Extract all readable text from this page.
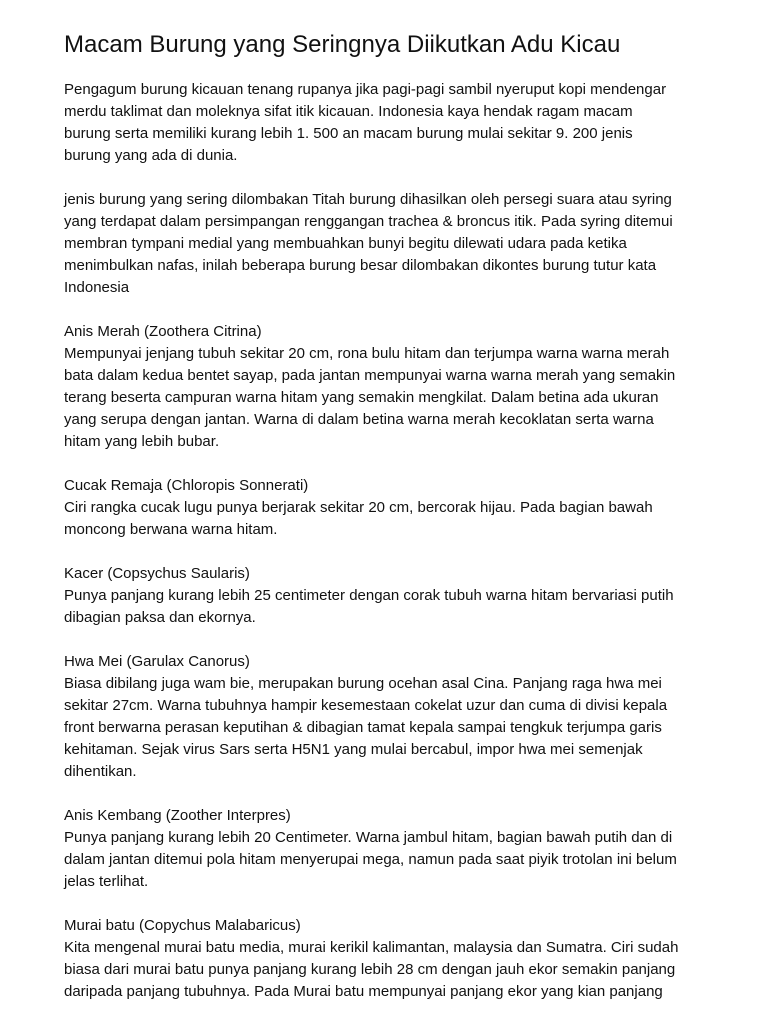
Macam Burung yang Seringnya Diikutkan Adu Kicau

Pengagum burung kicauan tenang rupanya jika pagi-pagi sambil nyeruput kopi mendengar
merdu taklimat dan moleknya sifat itik kicauan. Indonesia kaya hendak ragam macam
burung serta memiliki kurang lebih 1. 500 an macam burung mulai sekitar 9. 200 jenis
burung yang ada di dunia.

jenis burung yang sering dilombakan Titah burung dihasilkan oleh persegi suara atau syring
yang terdapat dalam persimpangan renggangan trachea & broncus itik. Pada syring ditemui
membran tympani medial yang membuahkan bunyi begitu dilewati udara pada ketika
menimbulkan nafas, inilah beberapa burung besar dilombakan dikontes burung tutur kata
Indonesia

Anis Merah (Zoothera Citrina)
Mempunyai jenjang tubuh sekitar 20 cm, rona bulu hitam dan terjumpa warna warna merah
bata dalam kedua bentet sayap, pada jantan mempunyai warna warna merah yang semakin
terang beserta campuran warna hitam yang semakin mengkilat. Dalam betina ada ukuran
yang serupa dengan jantan. Warna di dalam betina warna merah kecoklatan serta warna
hitam yang lebih bubar.

Cucak Remaja (Chloropis Sonnerati)
Ciri rangka cucak lugu punya berjarak sekitar 20 cm, bercorak hijau. Pada bagian bawah
moncong berwana warna hitam.

Kacer (Copsychus Saularis)
Punya panjang kurang lebih 25 centimeter dengan corak tubuh warna hitam bervariasi putih
dibagian paksa dan ekornya.

Hwa Mei (Garulax Canorus)
Biasa dibilang juga wam bie, merupakan burung ocehan asal Cina. Panjang raga hwa mei
sekitar 27cm. Warna tubuhnya hampir kesemestaan cokelat uzur dan cuma di divisi kepala
front berwarna perasan keputihan & dibagian tamat kepala sampai tengkuk terjumpa garis
kehitaman. Sejak virus Sars serta H5N1 yang mulai bercabul, impor hwa mei semenjak
dihentikan.

Anis Kembang (Zoother Interpres)
Punya panjang kurang lebih 20 Centimeter. Warna jambul hitam, bagian bawah putih dan di
dalam jantan ditemui pola hitam menyerupai mega, namun pada saat piyik trotolan ini belum
jelas terlihat.

Murai batu (Copychus Malabaricus)
Kita mengenal murai batu media, murai kerikil kalimantan, malaysia dan Sumatra. Ciri sudah
biasa dari murai batu punya panjang kurang lebih 28 cm dengan jauh ekor semakin panjang
daripada panjang tubuhnya. Pada Murai batu mempunyai panjang ekor yang kian panjang
